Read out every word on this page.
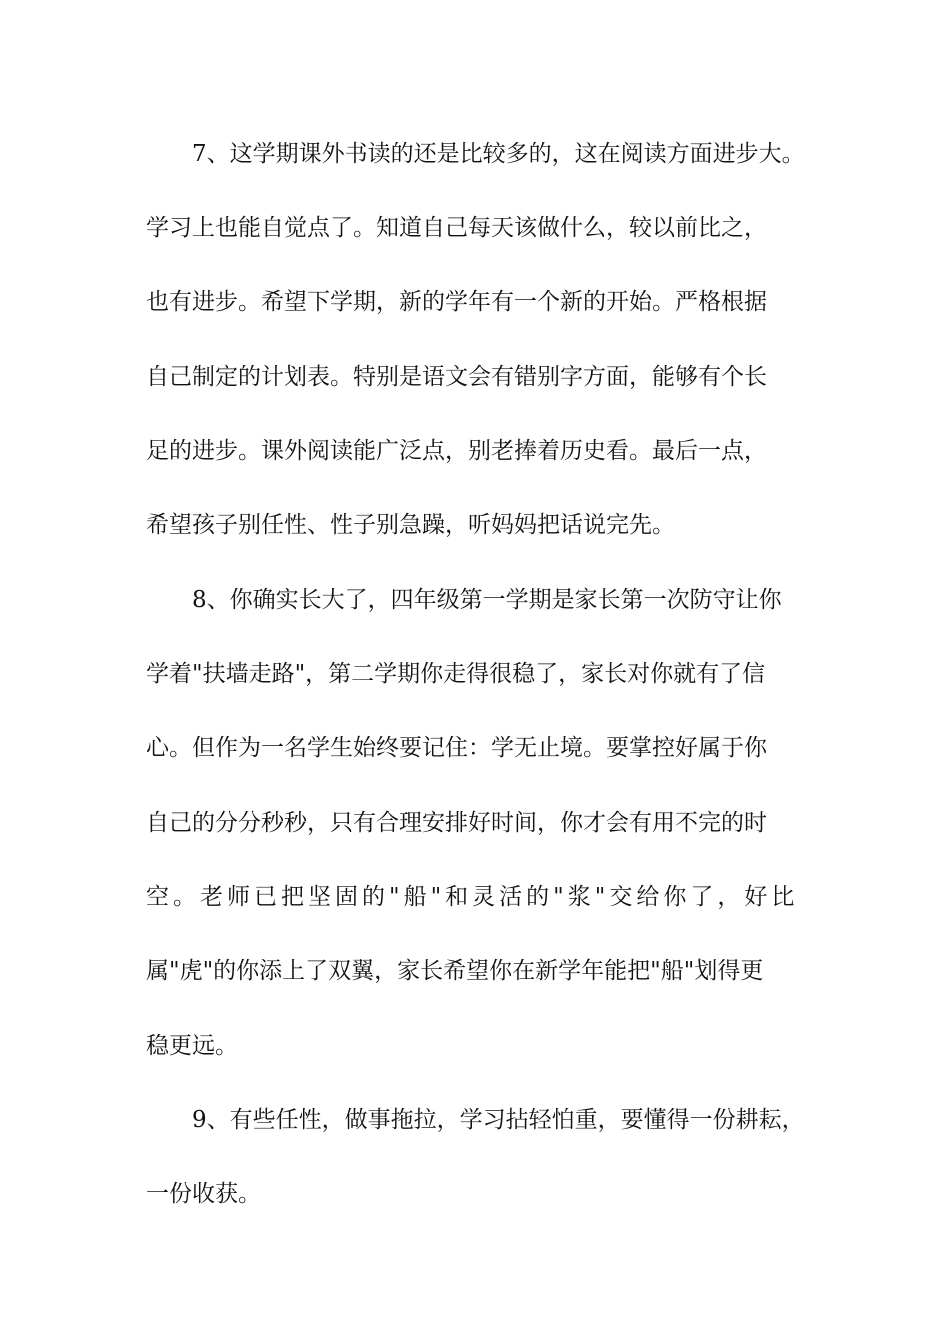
7、这学期课外书读的还是比较多的，这在阅读方面进步大。
学习上也能自觉点了。知道自己每天该做什么，较以前比之，
也有进步。希望下学期，新的学年有一个新的开始。严格根据
自己制定的计划表。特别是语文会有错别字方面，能够有个长
足的进步。课外阅读能广泛点，别老捧着历史看。最后一点，
希望孩子别任性、性子别急躁，听妈妈把话说完先。
8、你确实长大了，四年级第一学期是家长第一次防守让你
学着"扶墙走路"，第二学期你走得很稳了，家长对你就有了信
心。但作为一名学生始终要记住：学无止境。要掌控好属于你
自己的分分秒秒，只有合理安排好时间，你才会有用不完的时
空。老师已把坚固的"船"和灵活的"浆"交给你了，好比
属"虎"的你添上了双翼，家长希望你在新学年能把"船"划得更
稳更远。
9、有些任性，做事拖拉，学习拈轻怕重，要懂得一份耕耘，
一份收获。
